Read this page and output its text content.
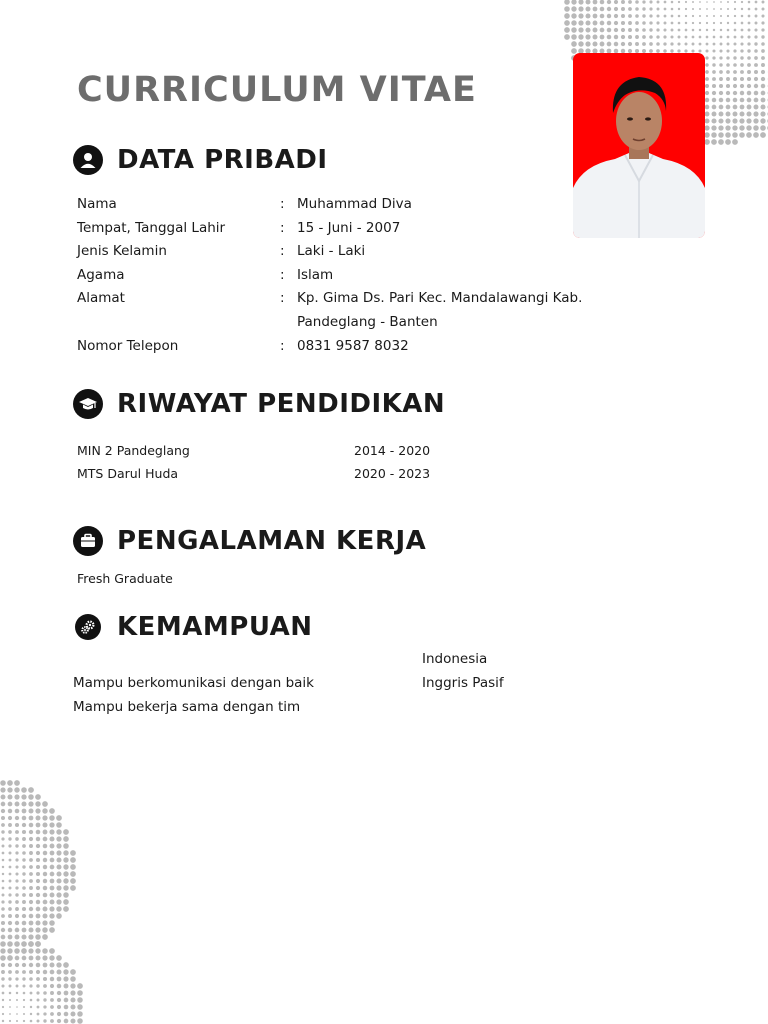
CURRICULUM VITAE
DATA PRIBADI
Nama	: Muhammad Diva
Tempat, Tanggal Lahir	: 15 - Juni - 2007
Jenis Kelamin	: Laki - Laki
Agama	: Islam
Alamat	: Kp. Gima Ds. Pari Kec. Mandalawangi Kab. Pandeglang - Banten
Nomor Telepon	: 0831 9587 8032
RIWAYAT PENDIDIKAN
MIN 2 Pandeglang	2014 - 2020
MTS Darul Huda	2020 - 2023
PENGALAMAN KERJA
Fresh Graduate
KEMAMPUAN
Mampu berkomunikasi dengan baik
Mampu bekerja sama dengan tim
Indonesia
Inggris Pasif
